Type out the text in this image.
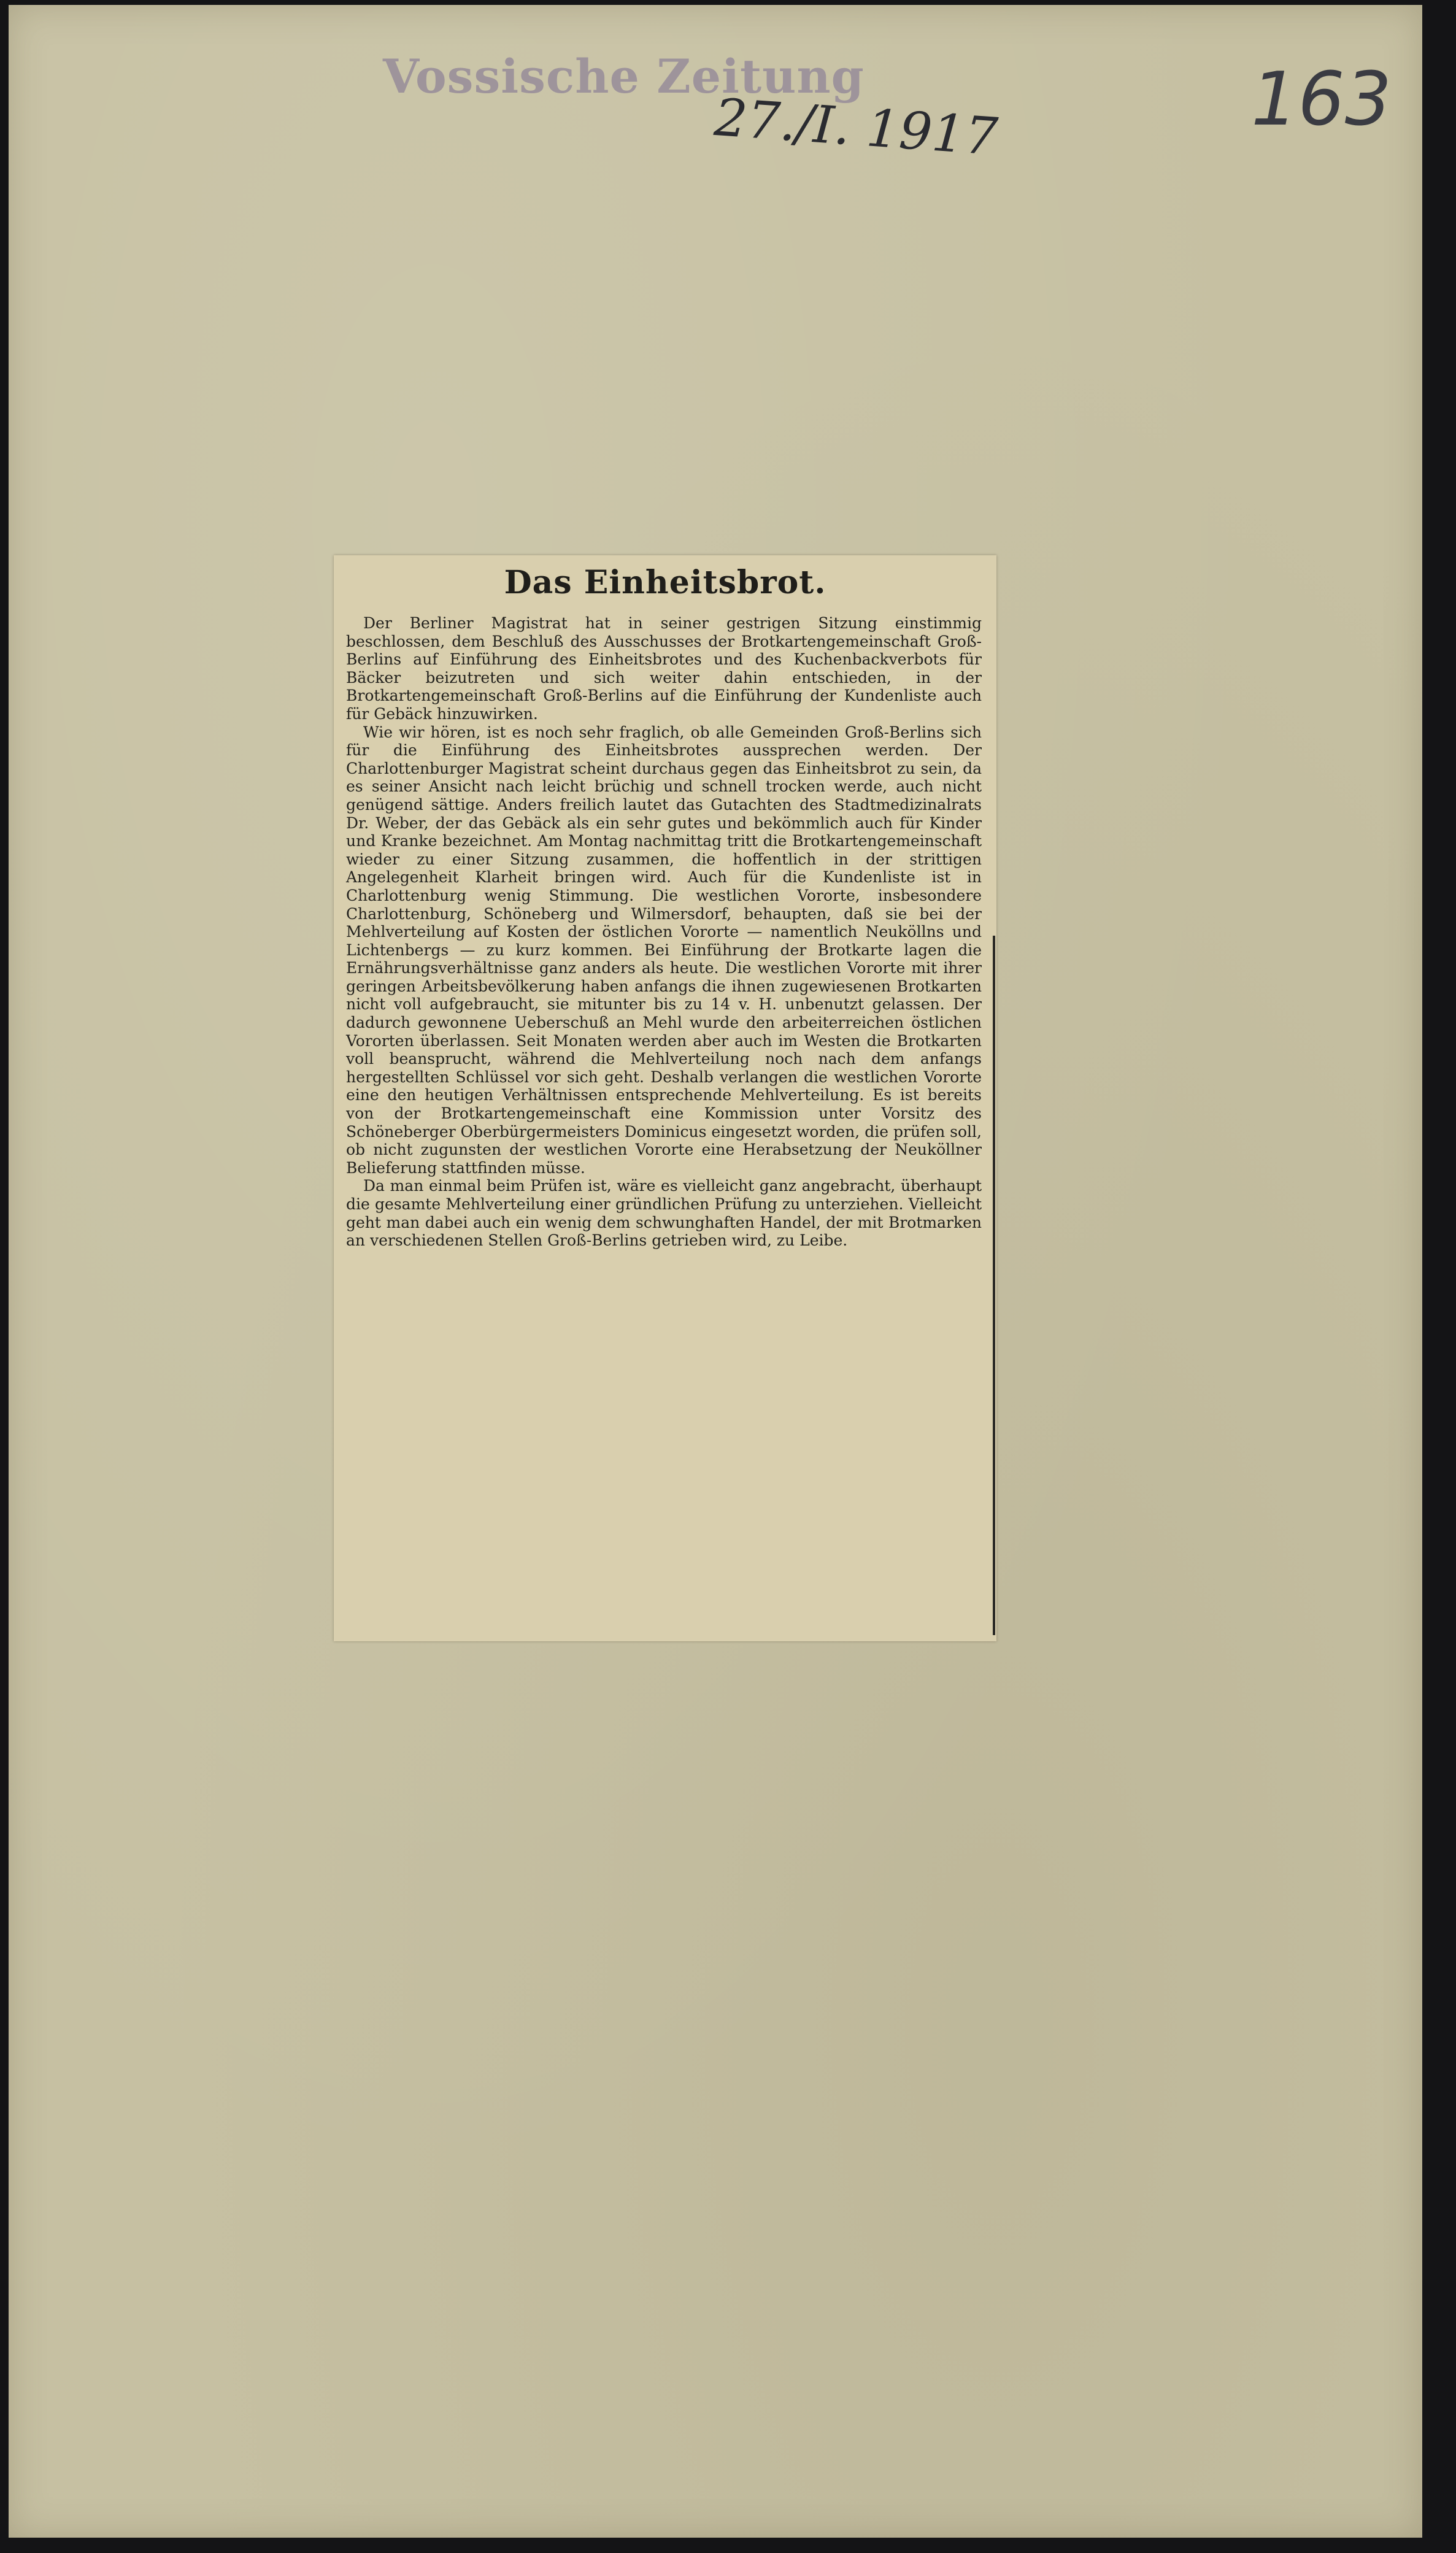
Vossische Zeitung
27./I. 1917	163
Das Einheitsbrot.

Der Berliner Magistrat hat in seiner gestrigen Sitzung einstimmig beschlossen, dem Beschluß des Ausschusses der Brotkartengemeinschaft Groß-Berlins auf Einführung des Einheitsbrotes und des Kuchenbackverbots für Bäcker beizutreten und sich weiter dahin entschieden, in der Brotkartengemeinschaft Groß-Berlins auf die Einführung der Kundenliste auch für Gebäck hinzuwirken.

Wie wir hören, ist es noch sehr fraglich, ob alle Gemeinden Groß-Berlins sich für die Einführung des Einheitsbrotes aussprechen werden. Der Charlottenburger Magistrat scheint durchaus gegen das Einheitsbrot zu sein, da es seiner Ansicht nach leicht brüchig und schnell trocken werde, auch nicht genügend sättige. Anders freilich lautet das Gutachten des Stadtmedizinalrats Dr. Weber, der das Gebäck als ein sehr gutes und bekömmlich auch für Kinder und Kranke bezeichnet. Am Montag nachmittag tritt die Brotkartengemeinschaft wieder zu einer Sitzung zusammen, die hoffentlich in der strittigen Angelegenheit Klarheit bringen wird. Auch für die Kundenliste ist in Charlottenburg wenig Stimmung. Die westlichen Vororte, insbesondere Charlottenburg, Schöneberg und Wilmersdorf, behaupten, daß sie bei der Mehlverteilung auf Kosten der östlichen Vororte — namentlich Neuköllns und Lichtenbergs — zu kurz kommen. Bei Einführung der Brotkarte lagen die Ernährungsverhältnisse ganz anders als heute. Die westlichen Vororte mit ihrer geringen Arbeitsbevölkerung haben anfangs die ihnen zugewiesenen Brotkarten nicht voll aufgebraucht, sie mitunter bis zu 14 v. H. unbenutzt gelassen. Der dadurch gewonnene Ueberschuß an Mehl wurde den arbeiterreichen östlichen Vororten überlassen. Seit Monaten werden aber auch im Westen die Brotkarten voll beansprucht, während die Mehlverteilung noch nach dem anfangs hergestellten Schlüssel vor sich geht. Deshalb verlangen die westlichen Vororte eine den heutigen Verhältnissen entsprechende Mehlverteilung. Es ist bereits von der Brotkartengemeinschaft eine Kommission unter Vorsitz des Schöneberger Oberbürgermeisters Dominicus eingesetzt worden, die prüfen soll, ob nicht zugunsten der westlichen Vororte eine Herabsetzung der Neuköllner Belieferung stattfinden müsse.

Da man einmal beim Prüfen ist, wäre es vielleicht ganz angebracht, überhaupt die gesamte Mehlverteilung einer gründlichen Prüfung zu unterziehen. Vielleicht geht man dabei auch ein wenig dem schwunghaften Handel, der mit Brotmarken an verschiedenen Stellen Groß-Berlins getrieben wird, zu Leibe.
